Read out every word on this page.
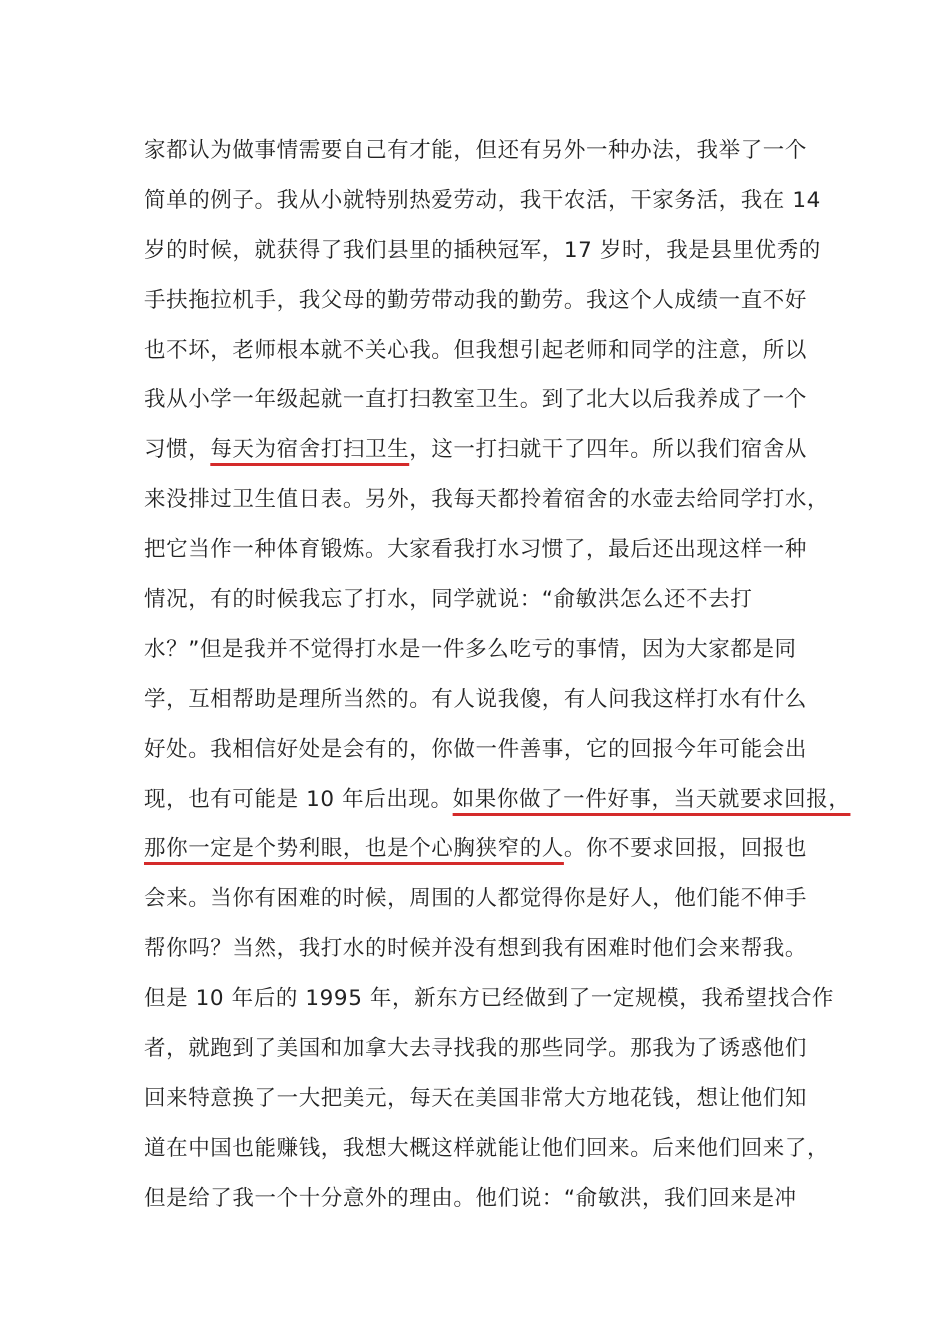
家都认为做事情需要自己有才能，但还有另外一种办法，我举了一个
简单的例子。我从小就特别热爱劳动，我干农活，干家务活，我在 14
岁的时候，就获得了我们县里的插秧冠军，17 岁时，我是县里优秀的
手扶拖拉机手，我父母的勤劳带动我的勤劳。我这个人成绩一直不好
也不坏，老师根本就不关心我。但我想引起老师和同学的注意，所以
我从小学一年级起就一直打扫教室卫生。到了北大以后我养成了一个
习惯，每天为宿舍打扫卫生，这一打扫就干了四年。所以我们宿舍从
来没排过卫生值日表。另外，我每天都拎着宿舍的水壶去给同学打水，
把它当作一种体育锻炼。大家看我打水习惯了，最后还出现这样一种
情况，有的时候我忘了打水，同学就说：“俞敏洪怎么还不去打
水？”但是我并不觉得打水是一件多么吃亏的事情，因为大家都是同
学，互相帮助是理所当然的。有人说我傻，有人问我这样打水有什么
好处。我相信好处是会有的，你做一件善事，它的回报今年可能会出
现，也有可能是 10 年后出现。如果你做了一件好事，当天就要求回报，
那你一定是个势利眼，也是个心胸狭窄的人。你不要求回报，回报也
会来。当你有困难的时候，周围的人都觉得你是好人，他们能不伸手
帮你吗？当然，我打水的时候并没有想到我有困难时他们会来帮我。
但是 10 年后的 1995 年，新东方已经做到了一定规模，我希望找合作
者，就跑到了美国和加拿大去寻找我的那些同学。那我为了诱惑他们
回来特意换了一大把美元，每天在美国非常大方地花钱，想让他们知
道在中国也能赚钱，我想大概这样就能让他们回来。后来他们回来了，
但是给了我一个十分意外的理由。他们说：“俞敏洪，我们回来是冲
